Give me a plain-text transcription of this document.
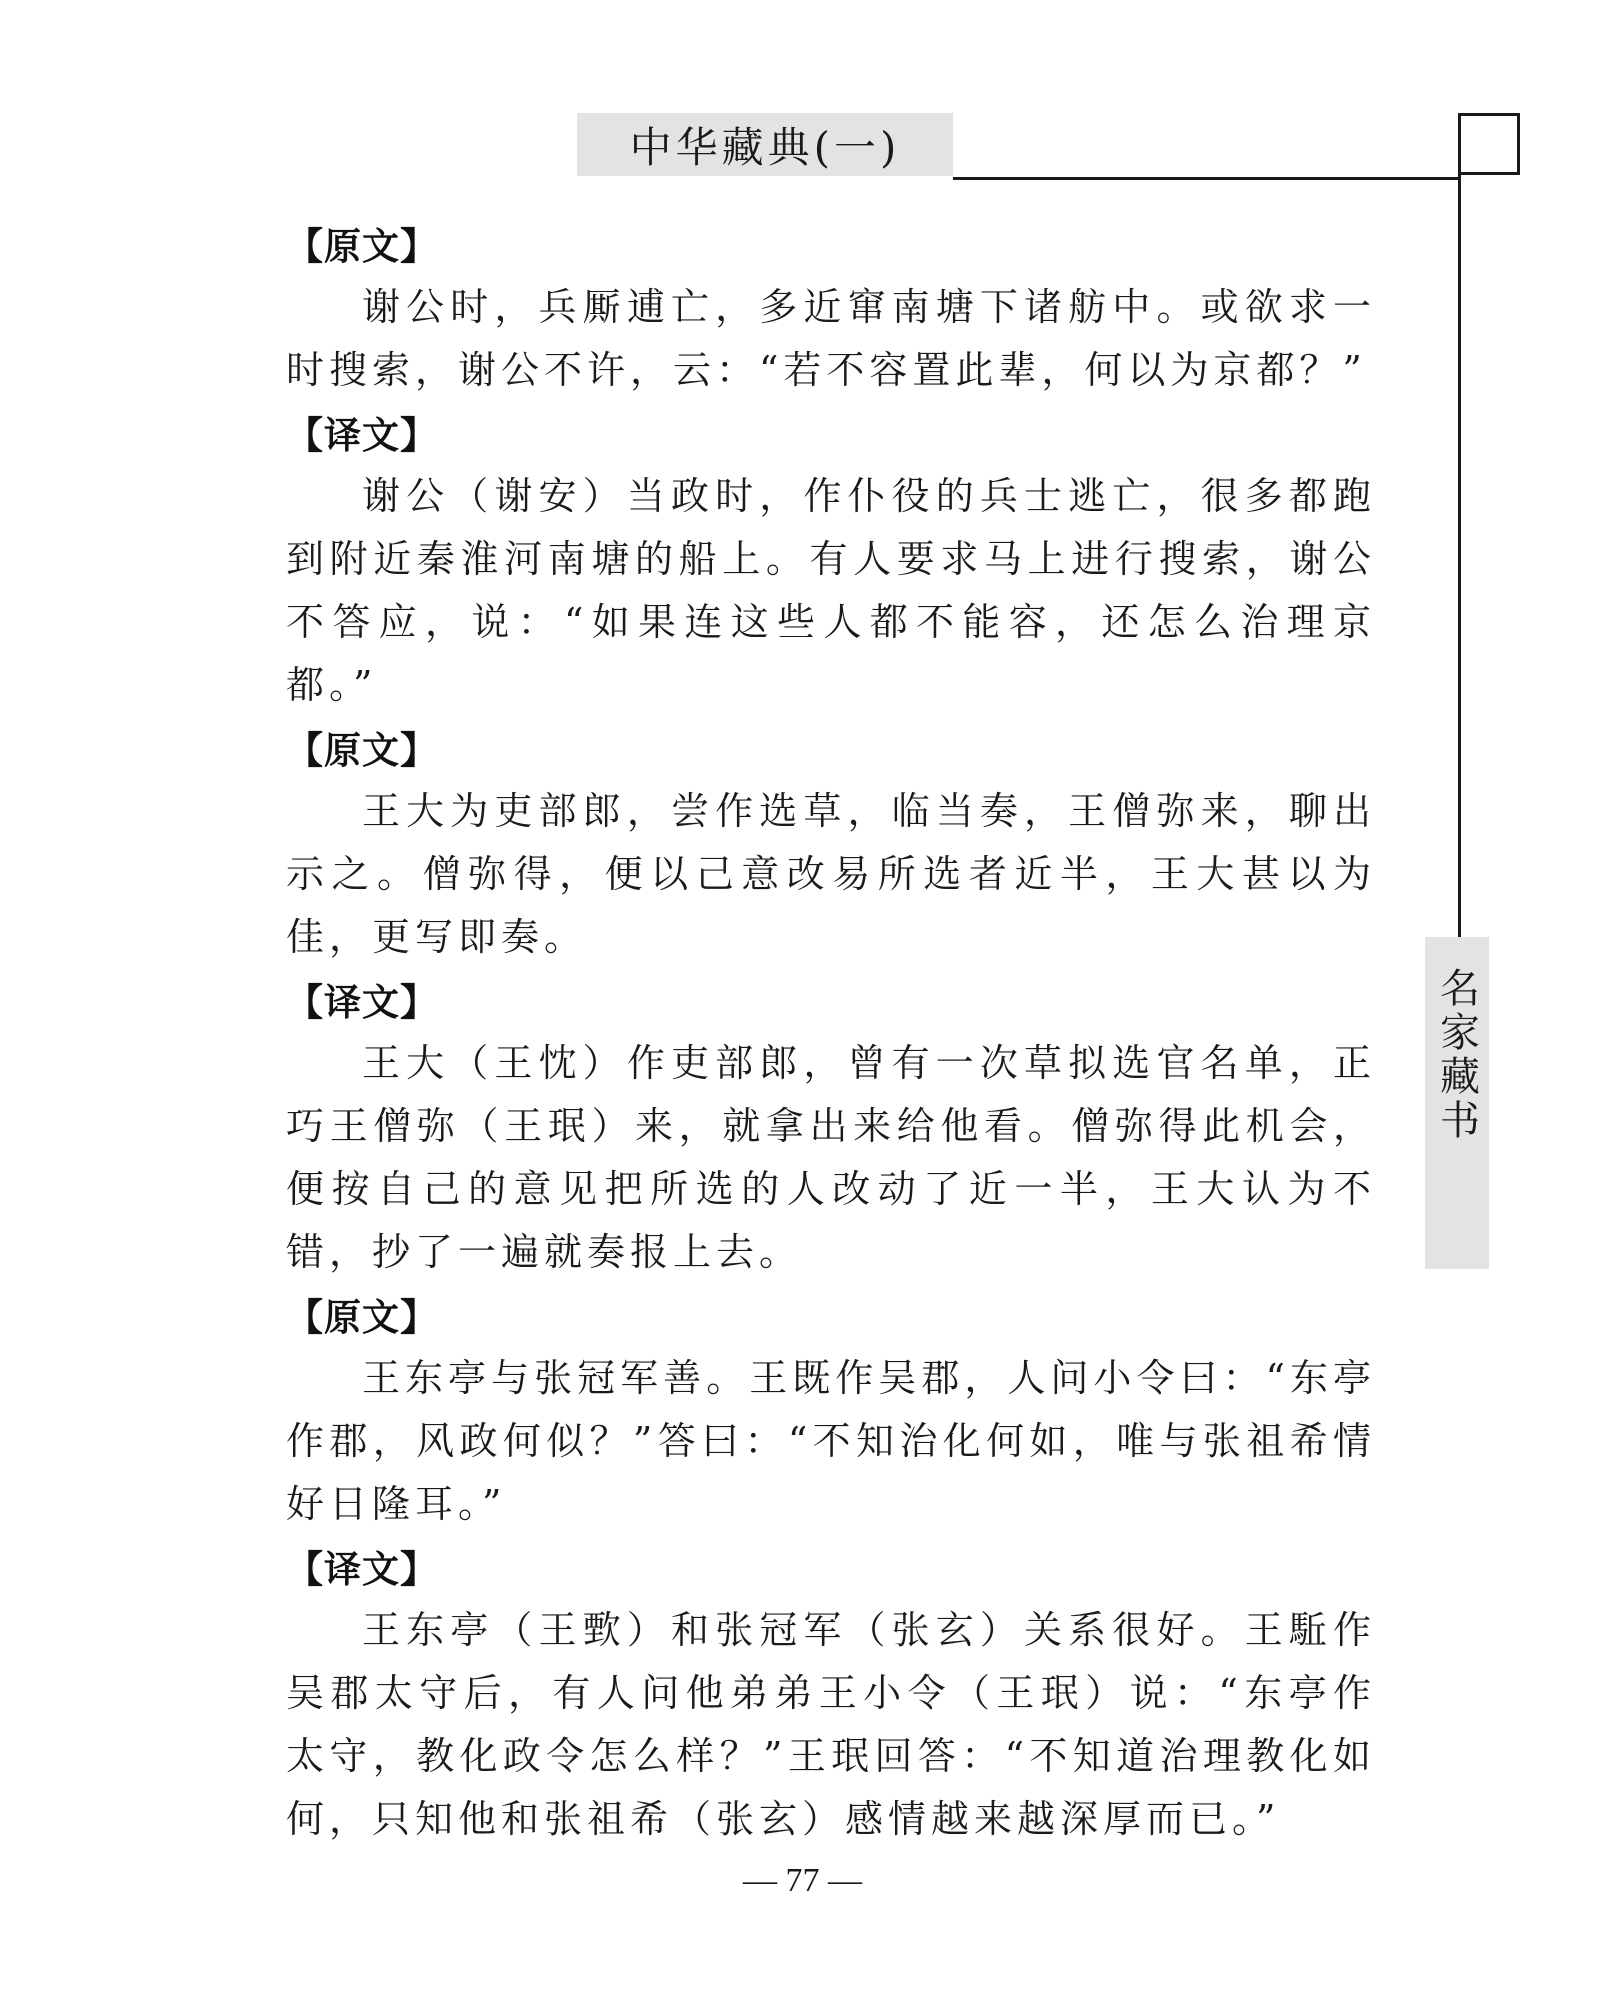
中华藏典(一)
名家藏书
【原文】
谢公时，兵厮逋亡，多近窜南塘下诸舫中。或欲求一时搜索，谢公不许，云：“若不容置此辈，何以为京都？”
【译文】
谢公（谢安）当政时，作仆役的兵士逃亡，很多都跑到附近秦淮河南塘的船上。有人要求马上进行搜索，谢公不答应，说：“如果连这些人都不能容，还怎么治理京都。”
【原文】
王大为吏部郎，尝作选草，临当奏，王僧弥来，聊出示之。僧弥得，便以己意改易所选者近半，王大甚以为佳，更写即奏。
【译文】
王大（王忱）作吏部郎，曾有一次草拟选官名单，正巧王僧弥（王珉）来，就拿出来给他看。僧弥得此机会，便按自己的意见把所选的人改动了近一半，王大认为不错，抄了一遍就奏报上去。
【原文】
王东亭与张冠军善。王既作吴郡，人问小令曰：“东亭作郡，风政何似？”答曰：“不知治化何如，唯与张祖希情好日隆耳。”
【译文】
王东亭（王歅）和张冠军（张玄）关系很好。王駈作吴郡太守后，有人问他弟弟王小令（王珉）说：“东亭作太守，教化政令怎么样？”王珉回答：“不知道治理教化如何，只知他和张祖希（张玄）感情越来越深厚而已。”
— 77 —
